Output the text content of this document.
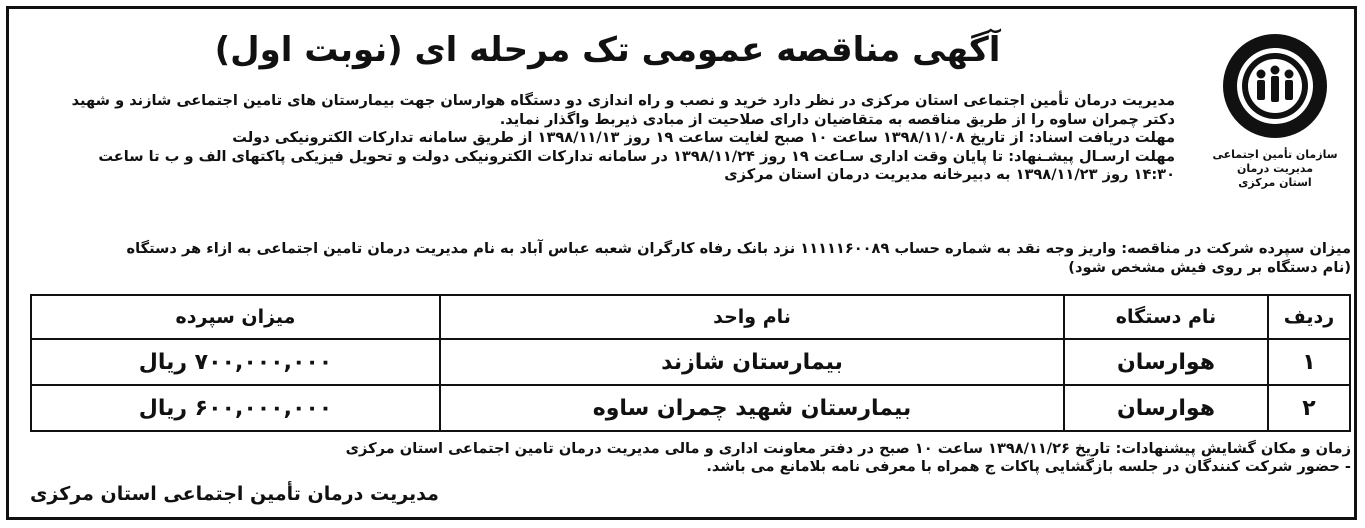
سازمان تأمین اجتماعی
مدیریت درمان
استان مرکزی
آگهی مناقصه عمومی تک مرحله ای (نوبت اول)

مدیریت درمان تأمین اجتماعی استان مرکزی در نظر دارد خرید و نصب و راه اندازی دو دستگاه هوارسان جهت بیمارستان های تامین اجتماعی شازند و شهید

دکتر چمران ساوه را از طریق مناقصه به متقاضیان دارای صلاحیت از مبادی ذیربط واگذار نماید.

مهلت دریافت اسناد: از تاریخ ۱۳۹۸/۱۱/۰۸ ساعت ۱۰ صبح لغایت ساعت ۱۹ روز ۱۳۹۸/۱۱/۱۳ از طریق سامانه تدارکات الکترونیکی دولت

مهلت ارسـال پیشـنهاد: تا پایان وقت اداری سـاعت ۱۹ روز ۱۳۹۸/۱۱/۲۴ در سامانه تدارکات الکترونیکی دولت و تحویل فیزیکی پاکتهای الف و ب تا ساعت

۱۴:۳۰ روز ۱۳۹۸/۱۱/۲۳ به دبیرخانه مدیریت درمان استان مرکزی

میزان سپرده شرکت در مناقصه: واریز وجه نقد به شماره حساب ۱۱۱۱۱۶۰۰۸۹ نزد بانک رفاه کارگران شعبه عباس آباد به نام مدیریت درمان تامین اجتماعی به ازاء هر دستگاه

(نام دستگاه بر روی فیش مشخص شود)

ردیف	نام دستگاه	نام واحد	میزان سپرده
۱	هوارسان	بیمارستان شازند	۷۰۰,۰۰۰,۰۰۰ ریال
۲	هوارسان	بیمارستان شهید چمران ساوه	۶۰۰,۰۰۰,۰۰۰ ریال

زمان و مکان گشایش پیشنهادات: تاریخ ۱۳۹۸/۱۱/۲۶ ساعت ۱۰ صبح در دفتر معاونت اداری و مالی مدیریت درمان تامین اجتماعی استان مرکزی

- حضور شرکت کنندگان در جلسه بازگشایی پاکات ج همراه با معرفی نامه بلامانع می باشد.

مدیریت درمان تأمین اجتماعی استان مرکزی
